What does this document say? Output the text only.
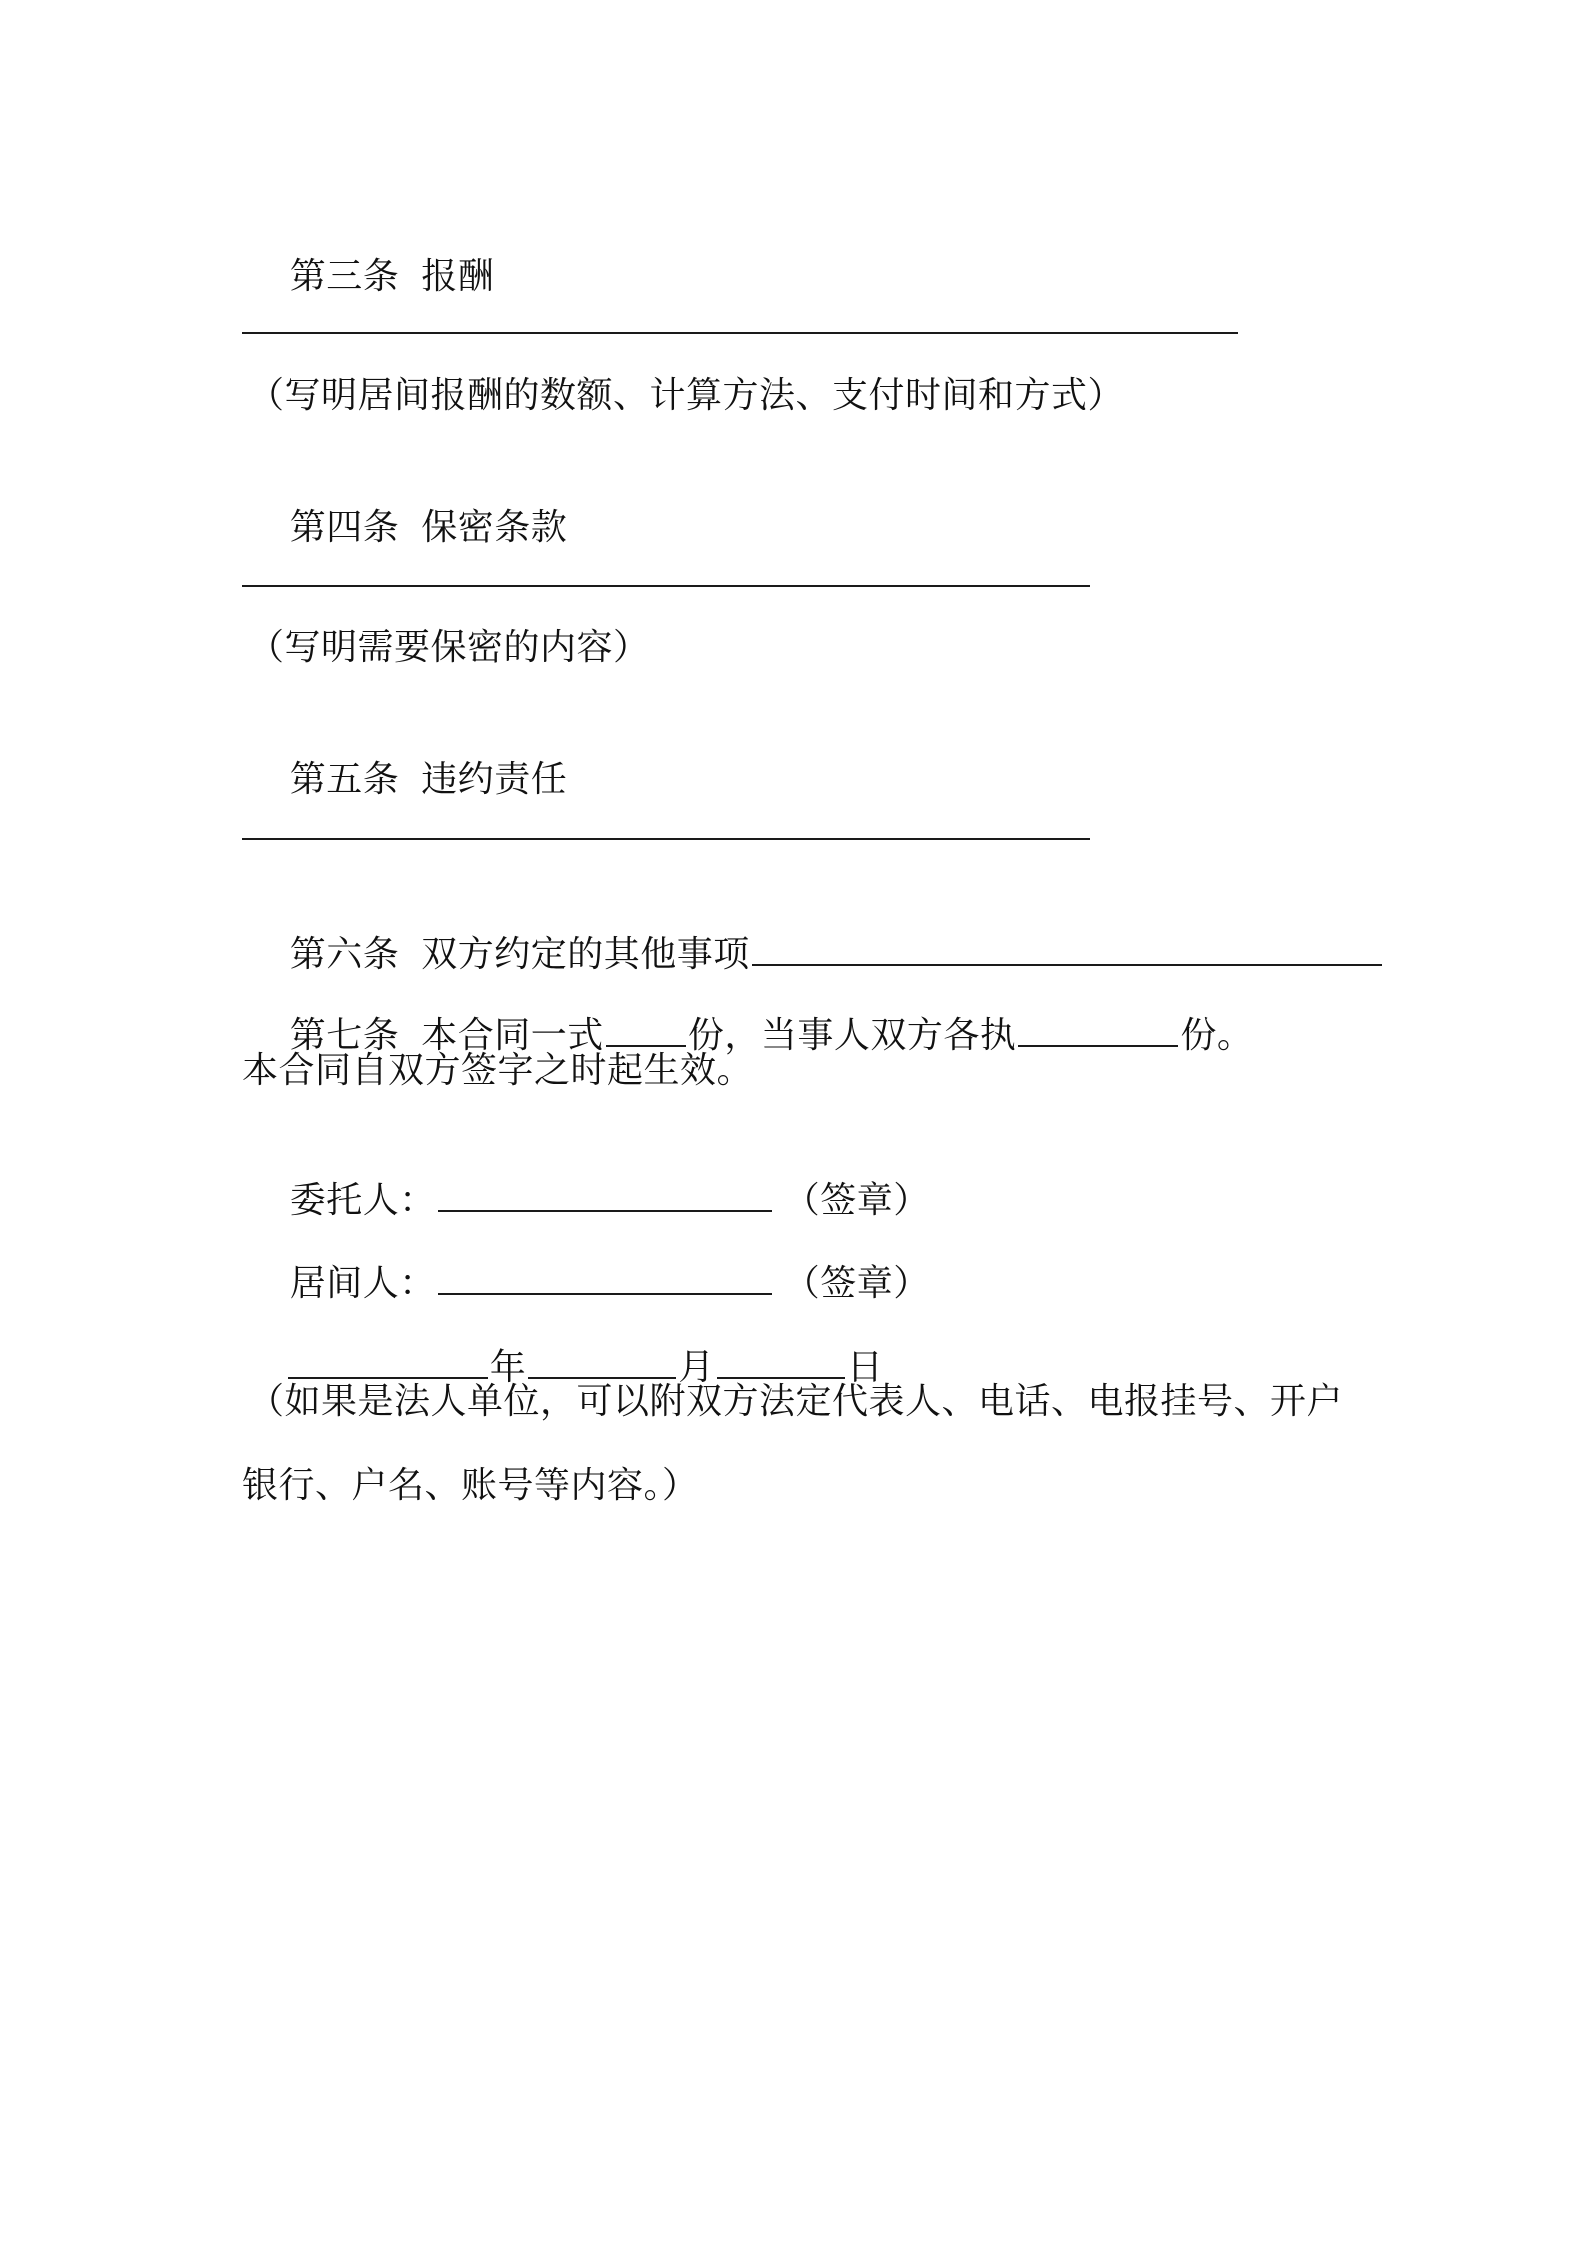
第三条 报酬

（写明居间报酬的数额、计算方法、支付时间和方式）

第四条 保密条款

（写明需要保密的内容）

第五条 违约责任

第六条 双方约定的其他事项

第七条 本合同一式 份，当事人双方各执	份。

本合同自双方签字之时起生效。

委托人：	（签章）

居间人：	（签章）

年	月	日

（如果是法人单位，可以附双方法定代表人、电话、电报挂号、开户
银行、户名、账号等内容。）
